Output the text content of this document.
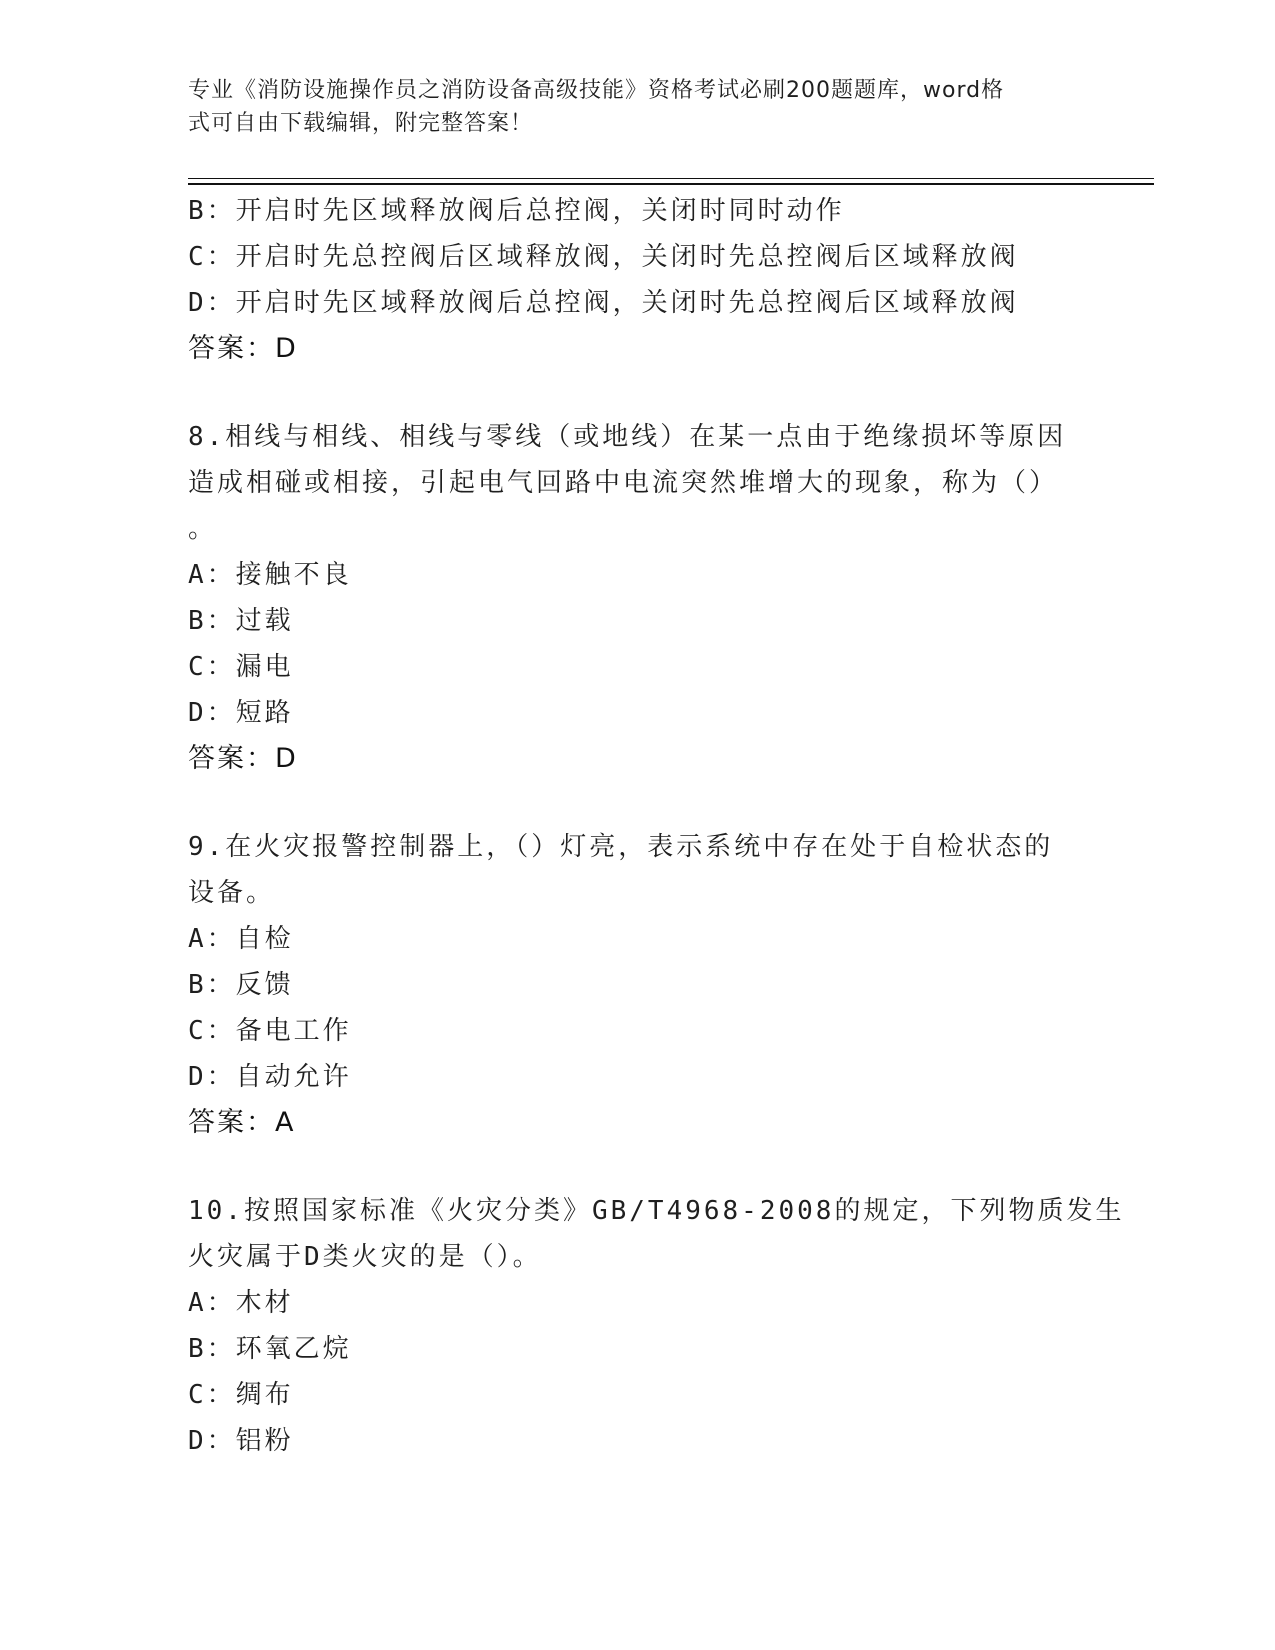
专业《消防设施操作员之消防设备高级技能》资格考试必刷200题题库，word格
式可自由下载编辑，附完整答案！
B：开启时先区域释放阀后总控阀，关闭时同时动作
C：开启时先总控阀后区域释放阀，关闭时先总控阀后区域释放阀
D：开启时先区域释放阀后总控阀，关闭时先总控阀后区域释放阀
答案：D
8.相线与相线、相线与零线（或地线）在某一点由于绝缘损坏等原因
造成相碰或相接，引起电气回路中电流突然堆增大的现象，称为（）
。
A：接触不良
B：过载
C：漏电
D：短路
答案：D
9.在火灾报警控制器上，（）灯亮，表示系统中存在处于自检状态的
设备。
A：自检
B：反馈
C：备电工作
D：自动允许
答案：A
10.按照国家标准《火灾分类》GB/T4968-2008的规定，下列物质发生
火灾属于D类火灾的是（）。
A：木材
B：环氧乙烷
C：绸布
D：铝粉
